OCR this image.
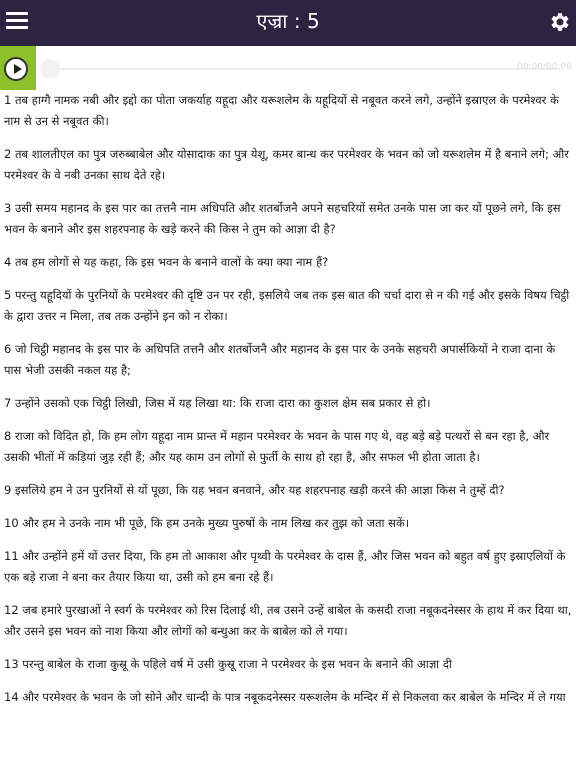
एज्रा : 5
00:00/00:00

1 तब हाग्गै नामक नबी और इद्दो का पोता जकर्याह यहूदा और यरूशलेम के यहूदियों से नबूवत करने लगे, उन्होंने इस्राएल के परमेश्वर के नाम से उन से नबूवत की।

2 तब शालतीएल का पुत्र जरुब्बाबेल और योसादाक का पुत्र येशू, कमर बान्ध कर परमेश्वर के भवन को जो यरूशलेम में है बनाने लगे; और परमेश्वर के वे नबी उनका साथ देते रहे।

3 उसी समय महानद के इस पार का तत्तनै नाम अधिपति और शतर्बोजनै अपने सहचरियों समेत उनके पास जा कर यों पूछने लगे, कि इस भवन के बनाने और इस शहरपनाह के खड़े करने की किस ने तुम को आज्ञा दी है?

4 तब हम लोगों से यह कहा, कि इस भवन के बनाने वालों के क्या क्या नाम हैं?

5 परन्तु यहूदियों के पुरनियों के परमेश्वर की दृष्टि उन पर रही, इसलिये जब तक इस बात की चर्चा दारा से न की गई और इसके विषय चिट्ठी के द्वारा उत्तर न मिला, तब तक उन्होंने इन को न रोका।

6 जो चिट्ठी महानद के इस पार के अधिपति तत्तनै और शतर्बोजनै और महानद के इस पार के उनके सहचरी अपार्सकियों ने राजा दाना के पास भेजी उसकी नकल यह है;

7 उन्होंने उसको एक चिट्ठी लिखी, जिस में यह लिखा था: कि राजा दारा का कुशल क्षेम सब प्रकार से हो।

8 राजा को विदित हो, कि हम लोग यहूदा नाम प्रान्त में महान परमेश्वर के भवन के पास गए थे, वह बड़े बड़े पत्थरों से बन रहा है, और उसकी भीतों में कड़ियां जुड़ रही हैं; और यह काम उन लोगों से फुर्ती के साथ हो रहा है, और सफल भी होता जाता है।

9 इसलिये हम ने उन पुरनियों से यों पूछा, कि यह भवन बनवाने, और यह शहरपनाह खड़ी करने की आज्ञा किस ने तुम्हें दी?

10 और हम ने उनके नाम भी पूछे, कि हम उनके मुख्य पुरुषों के नाम लिख कर तुझ को जता सकें।

11 और उन्होंने हमें यों उत्तर दिया, कि हम तो आकाश और पृथ्वी के परमेश्वर के दास हैं, और जिस भवन को बहुत वर्ष हुए इस्राएलियों के एक बड़े राजा ने बना कर तैयार किया था, उसी को हम बना रहे हैं।

12 जब हमारे पुरखाओं ने स्वर्ग के परमेश्वर को रिस दिलाई थी, तब उसने उन्हें बाबेल के कसदी राजा नबूकदनेस्सर के हाथ में कर दिया था, और उसने इस भवन को नाश किया और लोगों को बन्धुआ कर के बाबेल को ले गया।

13 परन्तु बाबेल के राजा कुस्रू के पहिले वर्ष में उसी कुस्रू राजा ने परमेश्वर के इस भवन के बनाने की आज्ञा दी

14 और परमेश्वर के भवन के जो सोने और चान्दी के पात्र नबूकदनेस्सर यरूशलेम के मन्दिर में से निकलवा कर बाबेल के मन्दिर में ले गया
